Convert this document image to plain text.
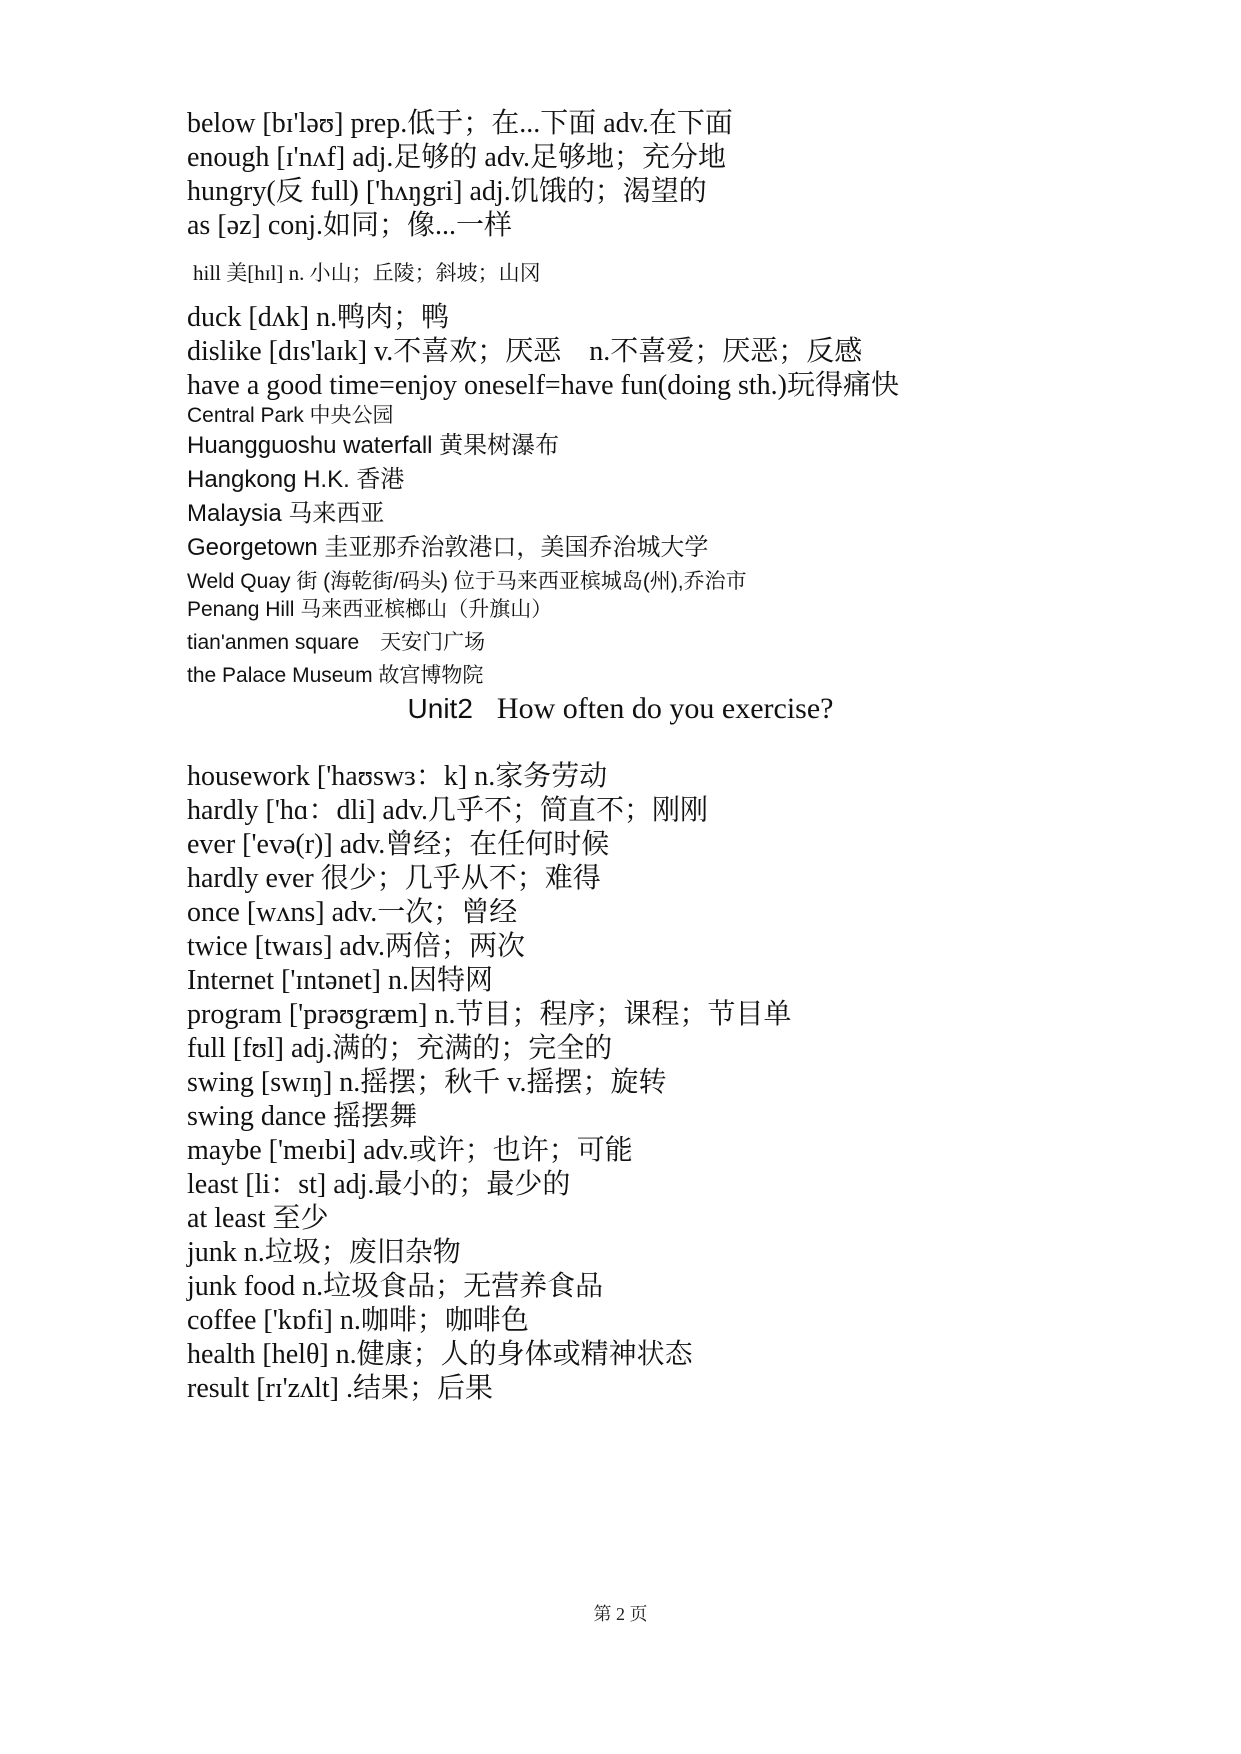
below [bɪ'ləʊ] prep.低于；在...下面 adv.在下面
enough [ɪ'nʌf] adj.足够的 adv.足够地；充分地
hungry(反 full) ['hʌŋgri] adj.饥饿的；渴望的
as [əz] conj.如同；像...一样
hill 美[hɪl] n. 小山；丘陵；斜坡；山冈
duck [dʌk] n.鸭肉；鸭
dislike [dɪs'laɪk] v.不喜欢；厌恶　n.不喜爱；厌恶；反感
have a good time=enjoy oneself=have fun(doing sth.)玩得痛快
Central Park 中央公园
Huangguoshu waterfall 黄果树瀑布
Hangkong H.K. 香港
Malaysia 马来西亚
Georgetown 圭亚那乔治敦港口，美国乔治城大学
Weld Quay 街 (海乾街/码头) 位于马来西亚槟城岛(州),乔治市
Penang Hill 马来西亚槟榔山（升旗山）
tian'anmen square　天安门广场
the Palace Museum 故宫博物院
Unit2 How often do you exercise?
housework ['haʊswɜ：k] n.家务劳动
hardly ['hɑ：dli] adv.几乎不；简直不；刚刚
ever ['evə(r)] adv.曾经；在任何时候
hardly ever 很少；几乎从不；难得
once [wʌns] adv.一次；曾经
twice [twaɪs] adv.两倍；两次
Internet ['ɪntənet] n.因特网
program ['prəʊgræm] n.节目；程序；课程；节目单
full [fʊl] adj.满的；充满的；完全的
swing [swɪŋ] n.摇摆；秋千 v.摇摆；旋转
swing dance 摇摆舞
maybe ['meɪbi] adv.或许；也许；可能
least [li：st] adj.最小的；最少的
at least 至少
junk n.垃圾；废旧杂物
junk food n.垃圾食品；无营养食品
coffee ['kɒfi] n.咖啡；咖啡色
health [helθ] n.健康；人的身体或精神状态
result [rɪ'zʌlt] .结果；后果
第 2 页
